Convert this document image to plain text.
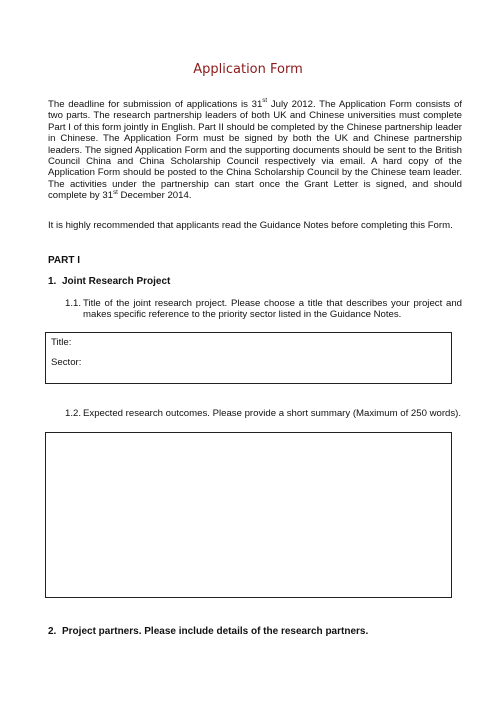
Application Form

The deadline for submission of applications is 31st July 2012. The Application Form consists of two parts. The research partnership leaders of both UK and Chinese universities must complete Part I of this form jointly in English. Part II should be completed by the Chinese partnership leader in Chinese. The Application Form must be signed by both the UK and Chinese partnership leaders. The signed Application Form and the supporting documents should be sent to the British Council China and China Scholarship Council respectively via email. A hard copy of the Application Form should be posted to the China Scholarship Council by the Chinese team leader. The activities under the partnership can start once the Grant Letter is signed, and should complete by 31st December 2014.

It is highly recommended that applicants read the Guidance Notes before completing this Form.

PART I
1. Joint Research Project
1.1. Title of the joint research project. Please choose a title that describes your project and makes specific reference to the priority sector listed in the Guidance Notes.
Title:
Sector:
1.2. Expected research outcomes. Please provide a short summary (Maximum of 250 words).
2. Project partners. Please include details of the research partners.
